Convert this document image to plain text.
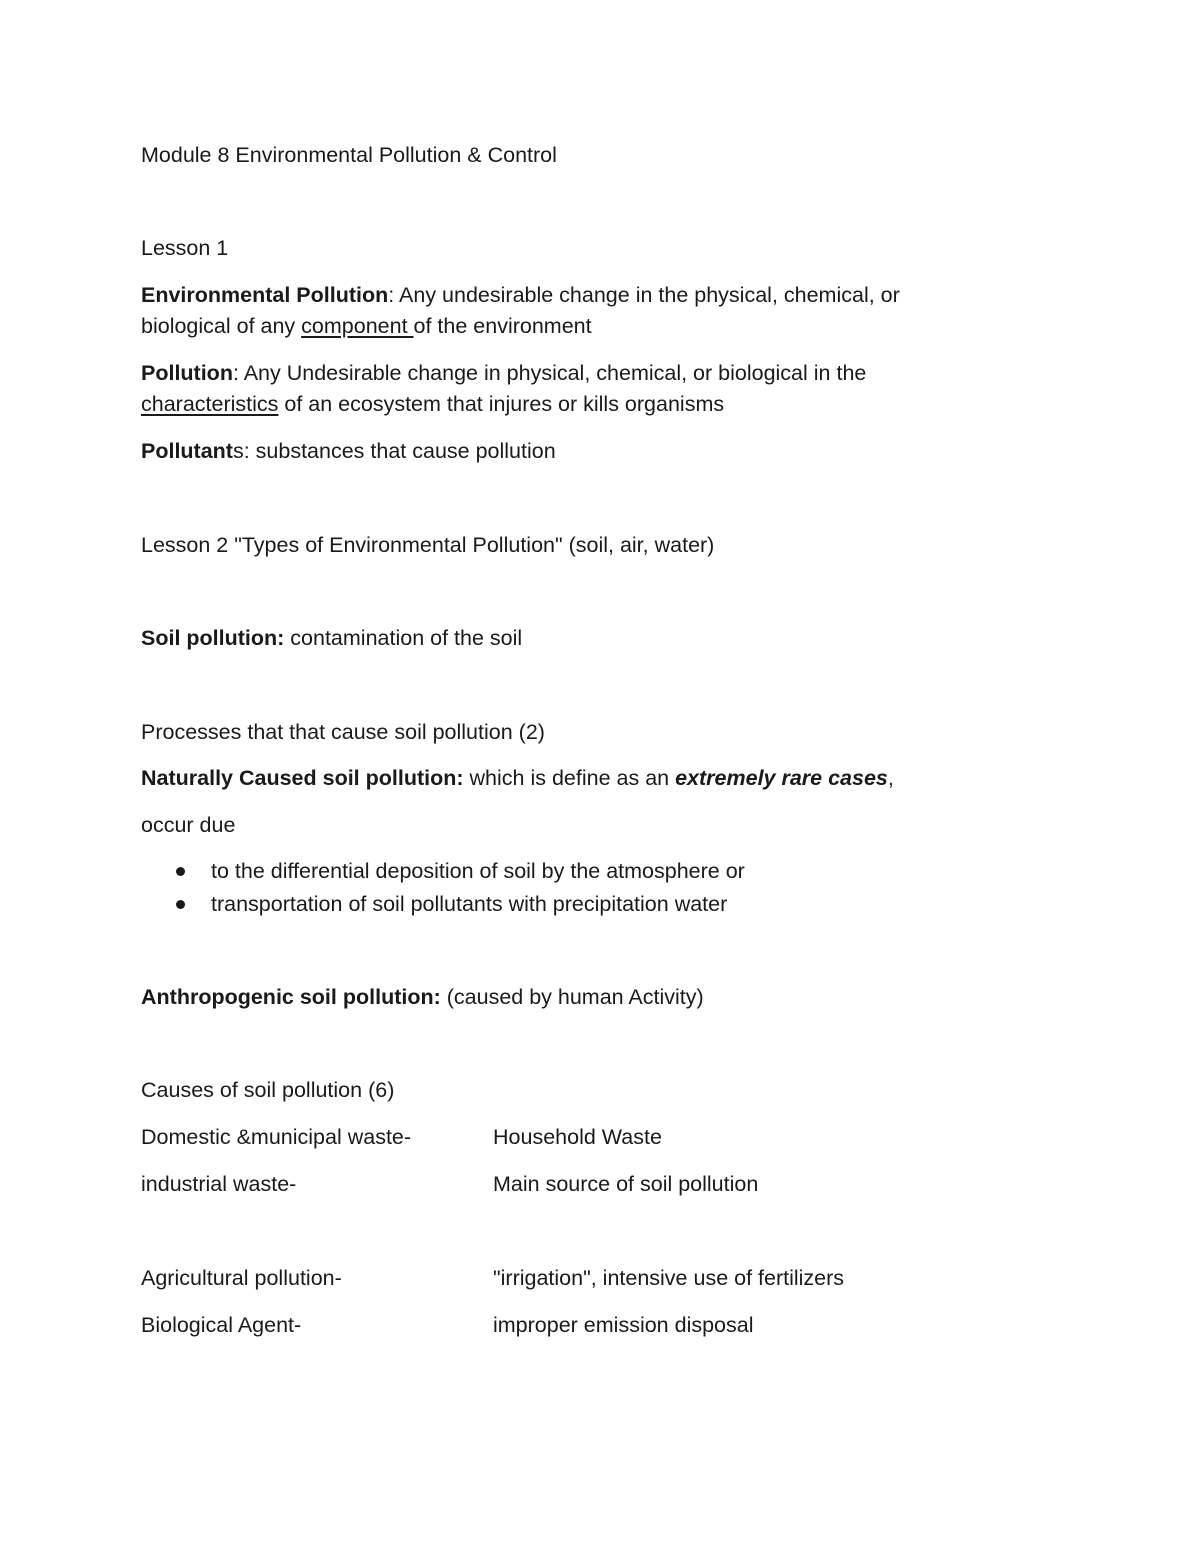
Module 8 Environmental Pollution & Control
Lesson 1
Environmental Pollution: Any undesirable change in the physical, chemical, or
biological of any component of the environment
Pollution: Any Undesirable change in physical, chemical, or biological in the
characteristics of an ecosystem that injures or kills organisms
Pollutants: substances that cause pollution
Lesson 2 "Types of Environmental Pollution" (soil, air, water)
Soil pollution: contamination of the soil
Processes that that cause soil pollution (2)
Naturally Caused soil pollution: which is define as an extremely rare cases,
occur due
to the differential deposition of soil by the atmosphere or
transportation of soil pollutants with precipitation water
Anthropogenic soil pollution: (caused by human Activity)
Causes of soil pollution (6)
Domestic &municipal waste-	Household Waste
industrial waste-	Main source of soil pollution
Agricultural pollution-	"irrigation", intensive use of fertilizers
Biological Agent-	improper emission disposal
